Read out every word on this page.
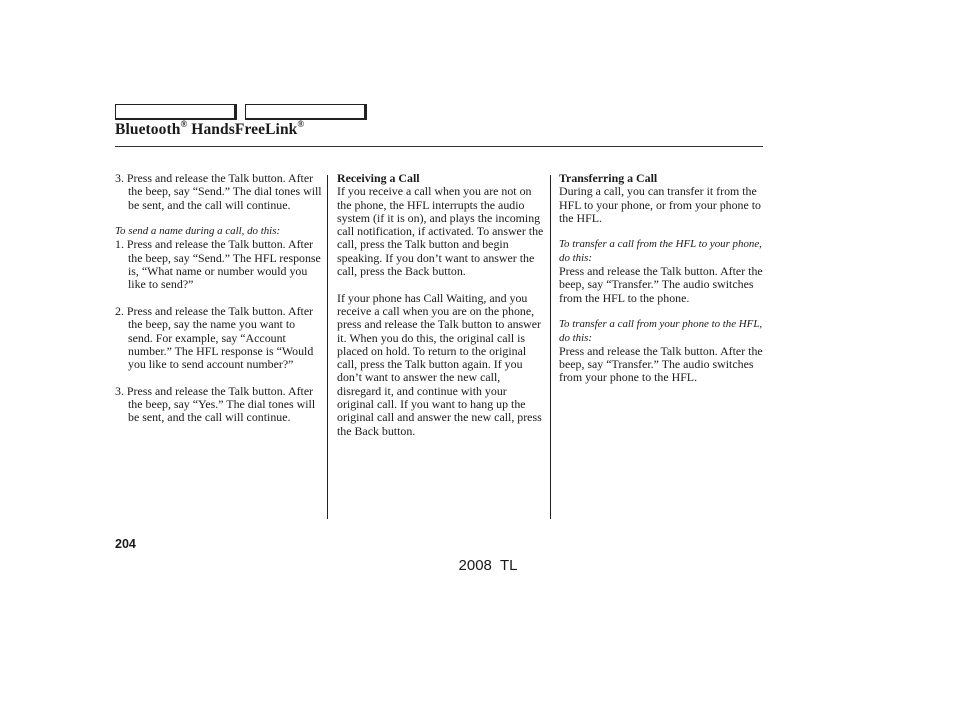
Bluetooth® HandsFreeLink®

3. Press and release the Talk button. After the beep, say “Send.” The dial tones will be sent, and the call will continue.

To send a name during a call, do this:

1. Press and release the Talk button. After the beep, say “Send.” The HFL response is, “What name or number would you like to send?”

2. Press and release the Talk button. After the beep, say the name you want to send. For example, say “Account number.” The HFL response is “Would you like to send account number?”

3. Press and release the Talk button. After the beep, say “Yes.” The dial tones will be sent, and the call will continue.

Receiving a Call

If you receive a call when you are not on the phone, the HFL interrupts the audio system (if it is on), and plays the incoming call notification, if activated. To answer the call, press the Talk button and begin speaking. If you don’t want to answer the call, press the Back button.

If your phone has Call Waiting, and you receive a call when you are on the phone, press and release the Talk button to answer it. When you do this, the original call is placed on hold. To return to the original call, press the Talk button again. If you don’t want to answer the new call, disregard it, and continue with your original call. If you want to hang up the original call and answer the new call, press the Back button.

Transferring a Call

During a call, you can transfer it from the HFL to your phone, or from your phone to the HFL.

To transfer a call from the HFL to your phone, do this:

Press and release the Talk button. After the beep, say “Transfer.” The audio switches from the HFL to the phone.

To transfer a call from your phone to the HFL, do this:

Press and release the Talk button. After the beep, say “Transfer.” The audio switches from your phone to the HFL.

204
2008  TL
